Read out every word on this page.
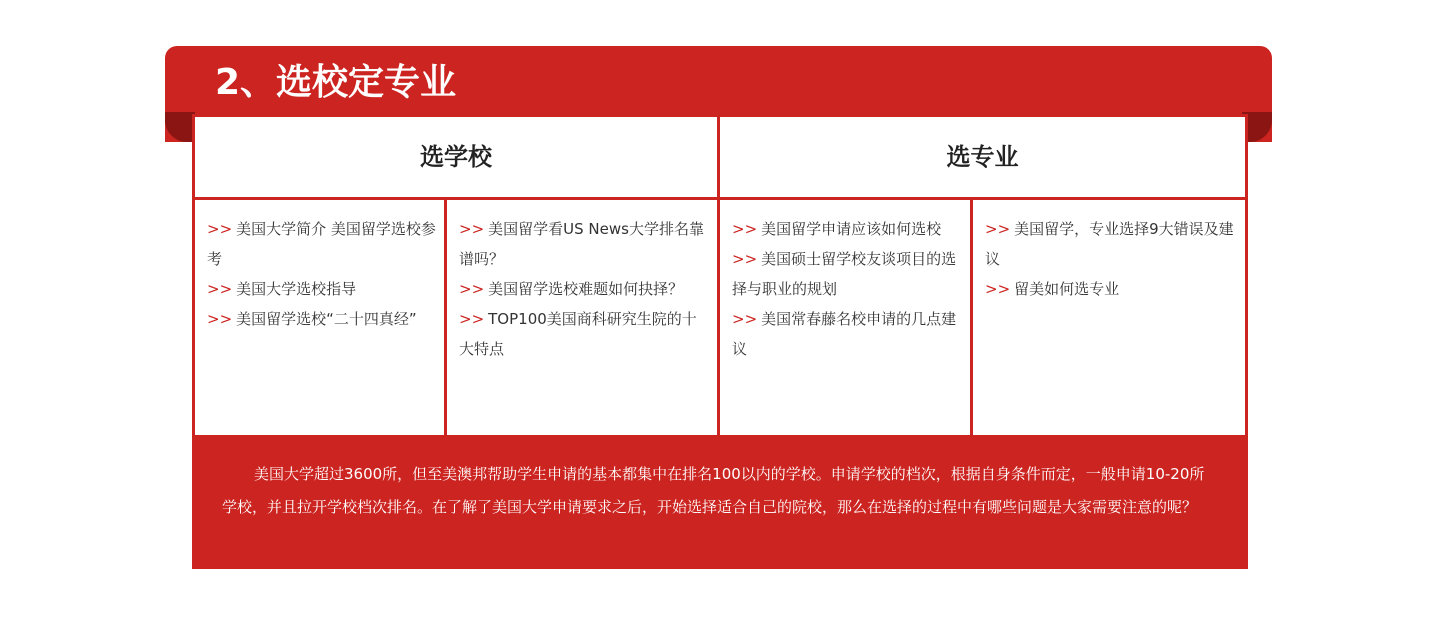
2、选校定专业
选学校	选专业
>> 美国大学简介 美国留学选校参考
>> 美国大学选校指导
>> 美国留学选校“二十四真经”
>> 美国留学看US News大学排名靠谱吗？
>> 美国留学选校难题如何抉择？
>> TOP100美国商科研究生院的十大特点
>> 美国留学申请应该如何选校
>> 美国硕士留学校友谈项目的选择与职业的规划
>> 美国常春藤名校申请的几点建议
>> 美国留学，专业选择9大错误及建议
>> 留美如何选专业
美国大学超过3600所，但至美澳邦帮助学生申请的基本都集中在排名100以内的学校。申请学校的档次，根据自身条件而定，一般申请10-20所学校，并且拉开学校档次排名。在了解了美国大学申请要求之后，开始选择适合自己的院校，那么在选择的过程中有哪些问题是大家需要注意的呢？
